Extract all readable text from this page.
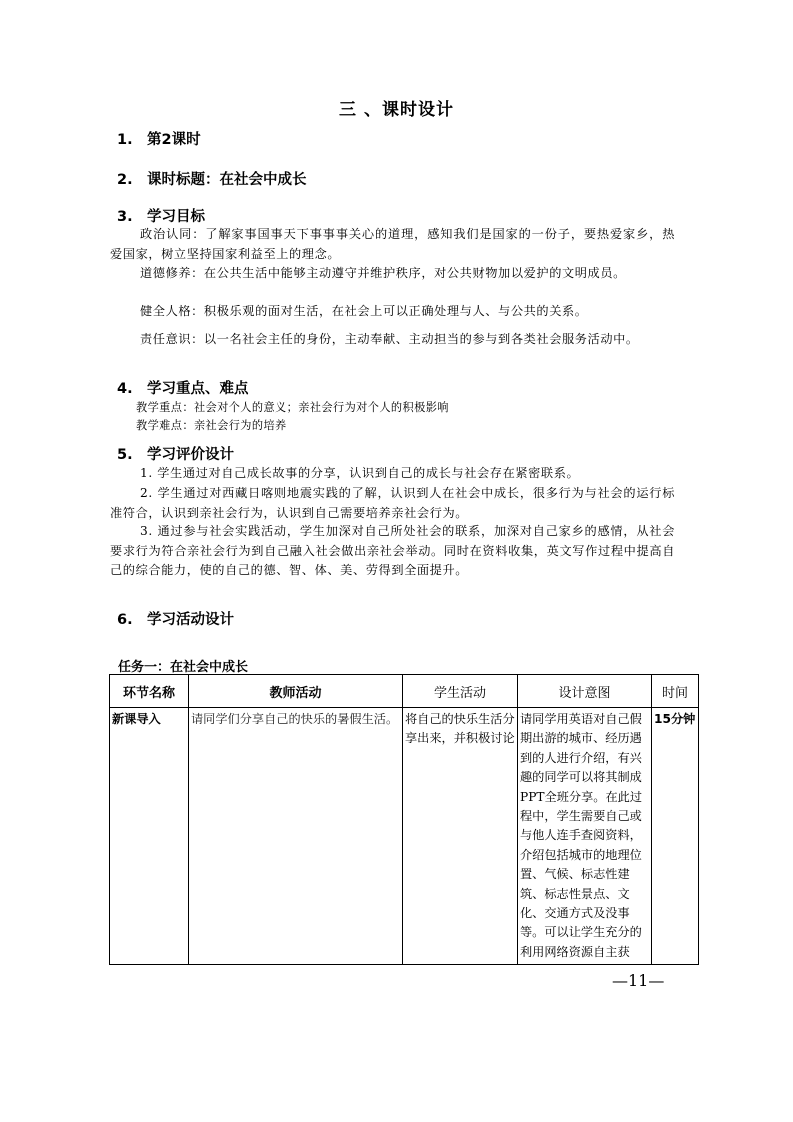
三 、课时设计
1. 第2课时
2. 课时标题：在社会中成长
3. 学习目标
政治认同：了解家事国事天下事事事关心的道理，感知我们是国家的一份子，要热爱家乡，热爱国家，树立坚持国家利益至上的理念。
道德修养：在公共生活中能够主动遵守并维护秩序，对公共财物加以爱护的文明成员。
健全人格：积极乐观的面对生活，在社会上可以正确处理与人、与公共的关系。
责任意识：以一名社会主任的身份，主动奉献、主动担当的参与到各类社会服务活动中。
4. 学习重点、难点
教学重点：社会对个人的意义；亲社会行为对个人的积极影响
教学难点：亲社会行为的培养
5. 学习评价设计
1. 学生通过对自己成长故事的分享，认识到自己的成长与社会存在紧密联系。
2. 学生通过对西藏日喀则地震实践的了解，认识到人在社会中成长，很多行为与社会的运行标准符合，认识到亲社会行为，认识到自己需要培养亲社会行为。
3. 通过参与社会实践活动，学生加深对自己所处社会的联系，加深对自己家乡的感情，从社会要求行为符合亲社会行为到自己融入社会做出亲社会举动。同时在资料收集，英文写作过程中提高自己的综合能力，使的自己的德、智、体、美、劳得到全面提升。
6. 学习活动设计
任务一：在社会中成长
环节名称	教师活动	学生活动	设计意图	时间
新课导入	请同学们分享自己的快乐的暑假生活。	将自己的快乐生活分享出来，并积极讨论	请同学用英语对自己假期出游的城市、经历遇到的人进行介绍，有兴趣的同学可以将其制成PPT全班分享。在此过程中，学生需要自己或与他人连手查阅资料，介绍包括城市的地理位置、气候、标志性建筑、标志性景点、文化、交通方式及没事等。可以让学生充分的利用网络资源自主获	15分钟
—11—
